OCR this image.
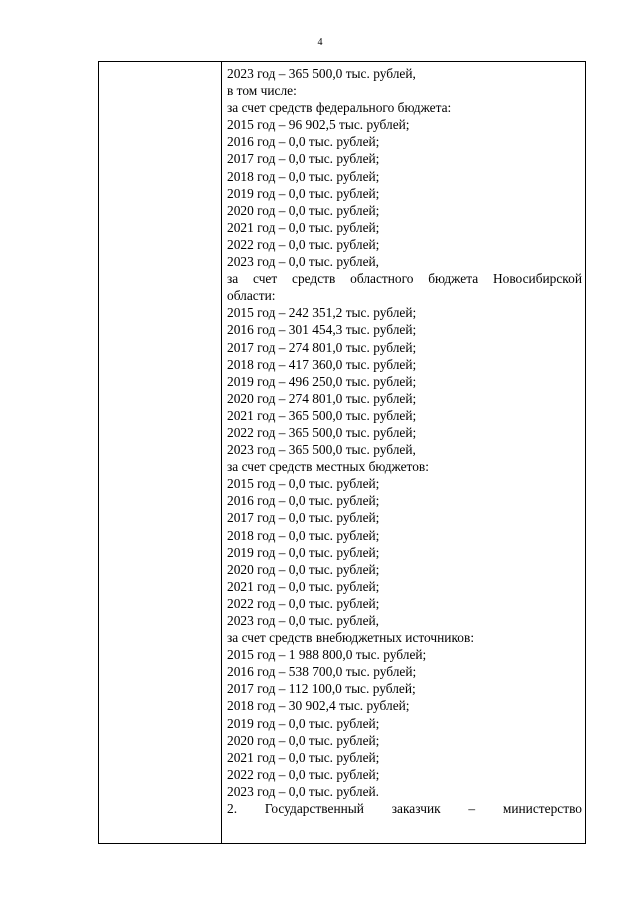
4
2023 год – 365 500,0 тыс. рублей,
в том числе:
за счет средств федерального бюджета:
2015 год – 96 902,5 тыс. рублей;
2016 год – 0,0 тыс. рублей;
2017 год – 0,0 тыс. рублей;
2018 год – 0,0 тыс. рублей;
2019 год – 0,0 тыс. рублей;
2020 год – 0,0 тыс. рублей;
2021 год – 0,0 тыс. рублей;
2022 год – 0,0 тыс. рублей;
2023 год – 0,0 тыс. рублей,
за счет средств областного бюджета Новосибирской
области:
2015 год – 242 351,2 тыс. рублей;
2016 год – 301 454,3 тыс. рублей;
2017 год – 274 801,0 тыс. рублей;
2018 год – 417 360,0 тыс. рублей;
2019 год – 496 250,0 тыс. рублей;
2020 год – 274 801,0 тыс. рублей;
2021 год – 365 500,0 тыс. рублей;
2022 год – 365 500,0 тыс. рублей;
2023 год – 365 500,0 тыс. рублей,
за счет средств местных бюджетов:
2015 год – 0,0 тыс. рублей;
2016 год – 0,0 тыс. рублей;
2017 год – 0,0 тыс. рублей;
2018 год – 0,0 тыс. рублей;
2019 год – 0,0 тыс. рублей;
2020 год – 0,0 тыс. рублей;
2021 год – 0,0 тыс. рублей;
2022 год – 0,0 тыс. рублей;
2023 год – 0,0 тыс. рублей,
за счет средств внебюджетных источников:
2015 год – 1 988 800,0 тыс. рублей;
2016 год – 538 700,0 тыс. рублей;
2017 год – 112 100,0 тыс. рублей;
2018 год – 30 902,4 тыс. рублей;
2019 год – 0,0 тыс. рублей;
2020 год – 0,0 тыс. рублей;
2021 год – 0,0 тыс. рублей;
2022 год – 0,0 тыс. рублей;
2023 год – 0,0 тыс. рублей.
2. Государственный заказчик – министерство
